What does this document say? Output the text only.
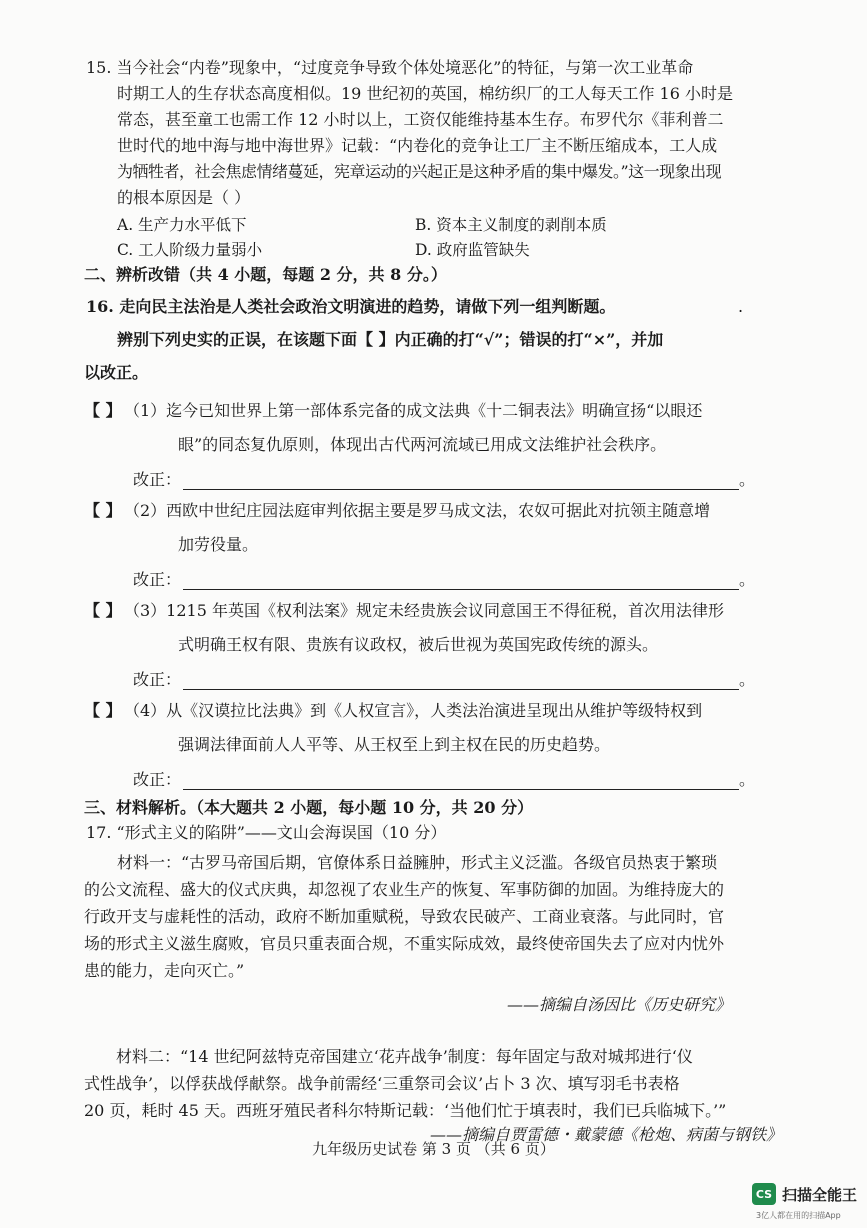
15. 当今社会“内卷”现象中，“过度竞争导致个体处境恶化”的特征，与第一次工业革命
时期工人的生存状态高度相似。19 世纪初的英国，棉纺织厂的工人每天工作 16 小时是
常态，甚至童工也需工作 12 小时以上，工资仅能维持基本生存。布罗代尔《菲利普二
世时代的地中海与地中海世界》记载：“内卷化的竞争让工厂主不断压缩成本，工人成
为牺牲者，社会焦虑情绪蔓延，宪章运动的兴起正是这种矛盾的集中爆发。”这一现象出现
的根本原因是（ ）
A. 生产力水平低下	B. 资本主义制度的剥削本质
C. 工人阶级力量弱小	D. 政府监管缺失
二、辨析改错（共 4 小题，每题 2 分，共 8 分。）
16. 走向民主法治是人类社会政治文明演进的趋势，请做下列一组判断题。	.
辨别下列史实的正误，在该题下面【 】内正确的打“√”；错误的打“×”，并加
以改正。
【 】 （1）迄今已知世界上第一部体系完备的成文法典《十二铜表法》明确宣扬“以眼还
眼”的同态复仇原则，体现出古代两河流域已用成文法维护社会秩序。
改正：	。
【 】 （2）西欧中世纪庄园法庭审判依据主要是罗马成文法，农奴可据此对抗领主随意增
加劳役量。
改正：	。
【 】 （3）1215 年英国《权利法案》规定未经贵族会议同意国王不得征税，首次用法律形
式明确王权有限、贵族有议政权，被后世视为英国宪政传统的源头。
改正：	。
【 】 （4）从《汉谟拉比法典》到《人权宣言》，人类法治演进呈现出从维护等级特权到
强调法律面前人人平等、从王权至上到主权在民的历史趋势。
改正：	。
三、材料解析。（本大题共 2 小题，每小题 10 分，共 20 分）
17. “形式主义的陷阱”——文山会海误国（10 分）
材料一：“古罗马帝国后期，官僚体系日益臃肿，形式主义泛滥。各级官员热衷于繁琐
的公文流程、盛大的仪式庆典，却忽视了农业生产的恢复、军事防御的加固。为维持庞大的
行政开支与虚耗性的活动，政府不断加重赋税，导致农民破产、工商业衰落。与此同时，官
场的形式主义滋生腐败，官员只重表面合规，不重实际成效，最终使帝国失去了应对内忧外
患的能力，走向灭亡。”
——摘编自汤因比《历史研究》
材料二：“14 世纪阿兹特克帝国建立‘花卉战争’制度：每年固定与敌对城邦进行‘仪
式性战争’，以俘获战俘献祭。战争前需经‘三重祭司会议’占卜 3 次、填写羽毛书表格
20 页，耗时 45 天。西班牙殖民者科尔特斯记载：‘当他们忙于填表时，我们已兵临城下。’”
——摘编自贾雷德・戴蒙德《枪炮、病菌与钢铁》
九年级历史试卷 第 3 页 （共 6 页）
CS 扫描全能王
3亿人都在用的扫描App
